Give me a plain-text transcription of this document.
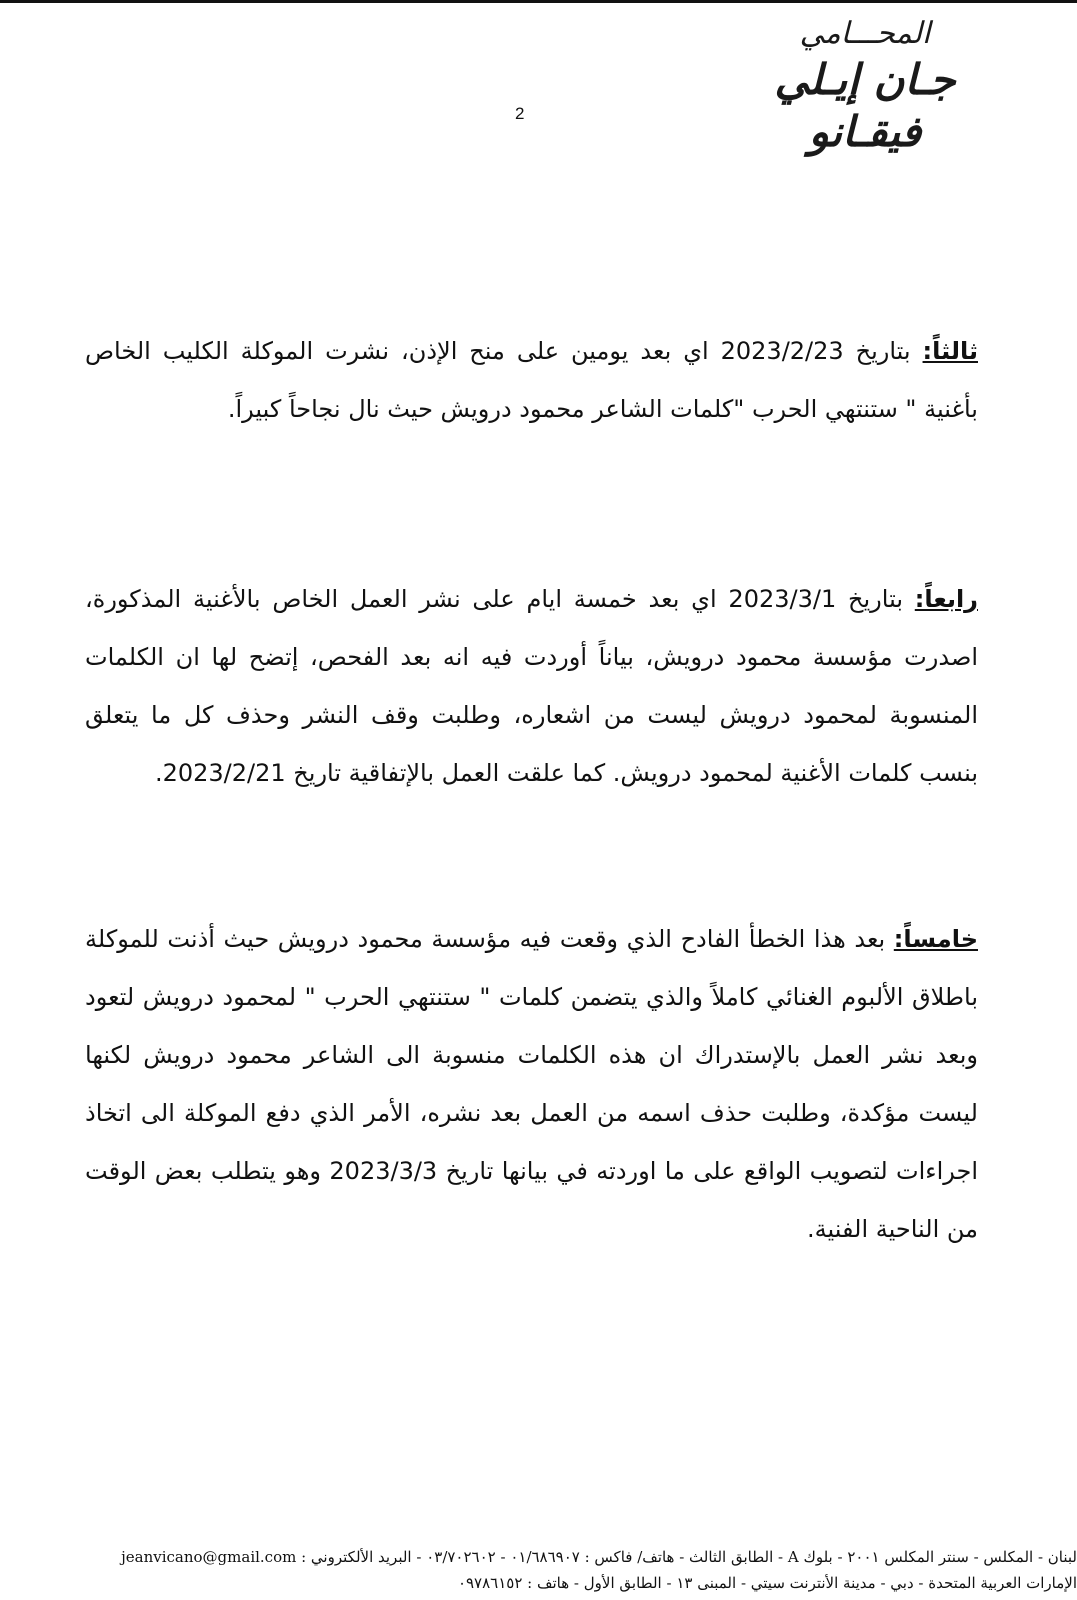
المحـــامي
جـان إيـلي فيقـانو
2
ثالثاً: بتاريخ 2023/2/23 اي بعد يومين على منح الإذن، نشرت الموكلة الكليب الخاص بأغنية " ستنتهي الحرب "كلمات الشاعر محمود درويش حيث نال نجاحاً كبيراً.
رابعاً: بتاريخ 2023/3/1 اي بعد خمسة ايام على نشر العمل الخاص بالأغنية المذكورة، اصدرت مؤسسة محمود درويش، بياناً أوردت فيه انه بعد الفحص، إتضح لها ان الكلمات المنسوبة لمحمود درويش ليست من اشعاره، وطلبت وقف النشر وحذف كل ما يتعلق بنسب كلمات الأغنية لمحمود درويش. كما علقت العمل بالإتفاقية تاريخ 2023/2/21.
خامساً: بعد هذا الخطأ الفادح الذي وقعت فيه مؤسسة محمود درويش حيث أذنت للموكلة باطلاق الألبوم الغنائي كاملاً والذي يتضمن كلمات " ستنتهي الحرب " لمحمود درويش لتعود وبعد نشر العمل بالإستدراك ان هذه الكلمات منسوبة الى الشاعر محمود درويش لكنها ليست مؤكدة، وطلبت حذف اسمه من العمل بعد نشره، الأمر الذي دفع الموكلة الى اتخاذ اجراءات لتصويب الواقع على ما اوردته في بيانها تاريخ 2023/3/3 وهو يتطلب بعض الوقت من الناحية الفنية.
لبنان - المكلس - سنتر المكلس ٢٠٠١ - بلوك A - الطابق الثالث - هاتف/ فاكس : ٠١/٦٨٦٩٠٧ - ٠٣/٧٠٢٦٠٢ - البريد الألكتروني : jeanvicano@gmail.com
الإمارات العربية المتحدة - دبي - مدينة الأنترنت سيتي - المبنى ١٣ - الطابق الأول - هاتف : ٠٩٧٨٦١٥٢
